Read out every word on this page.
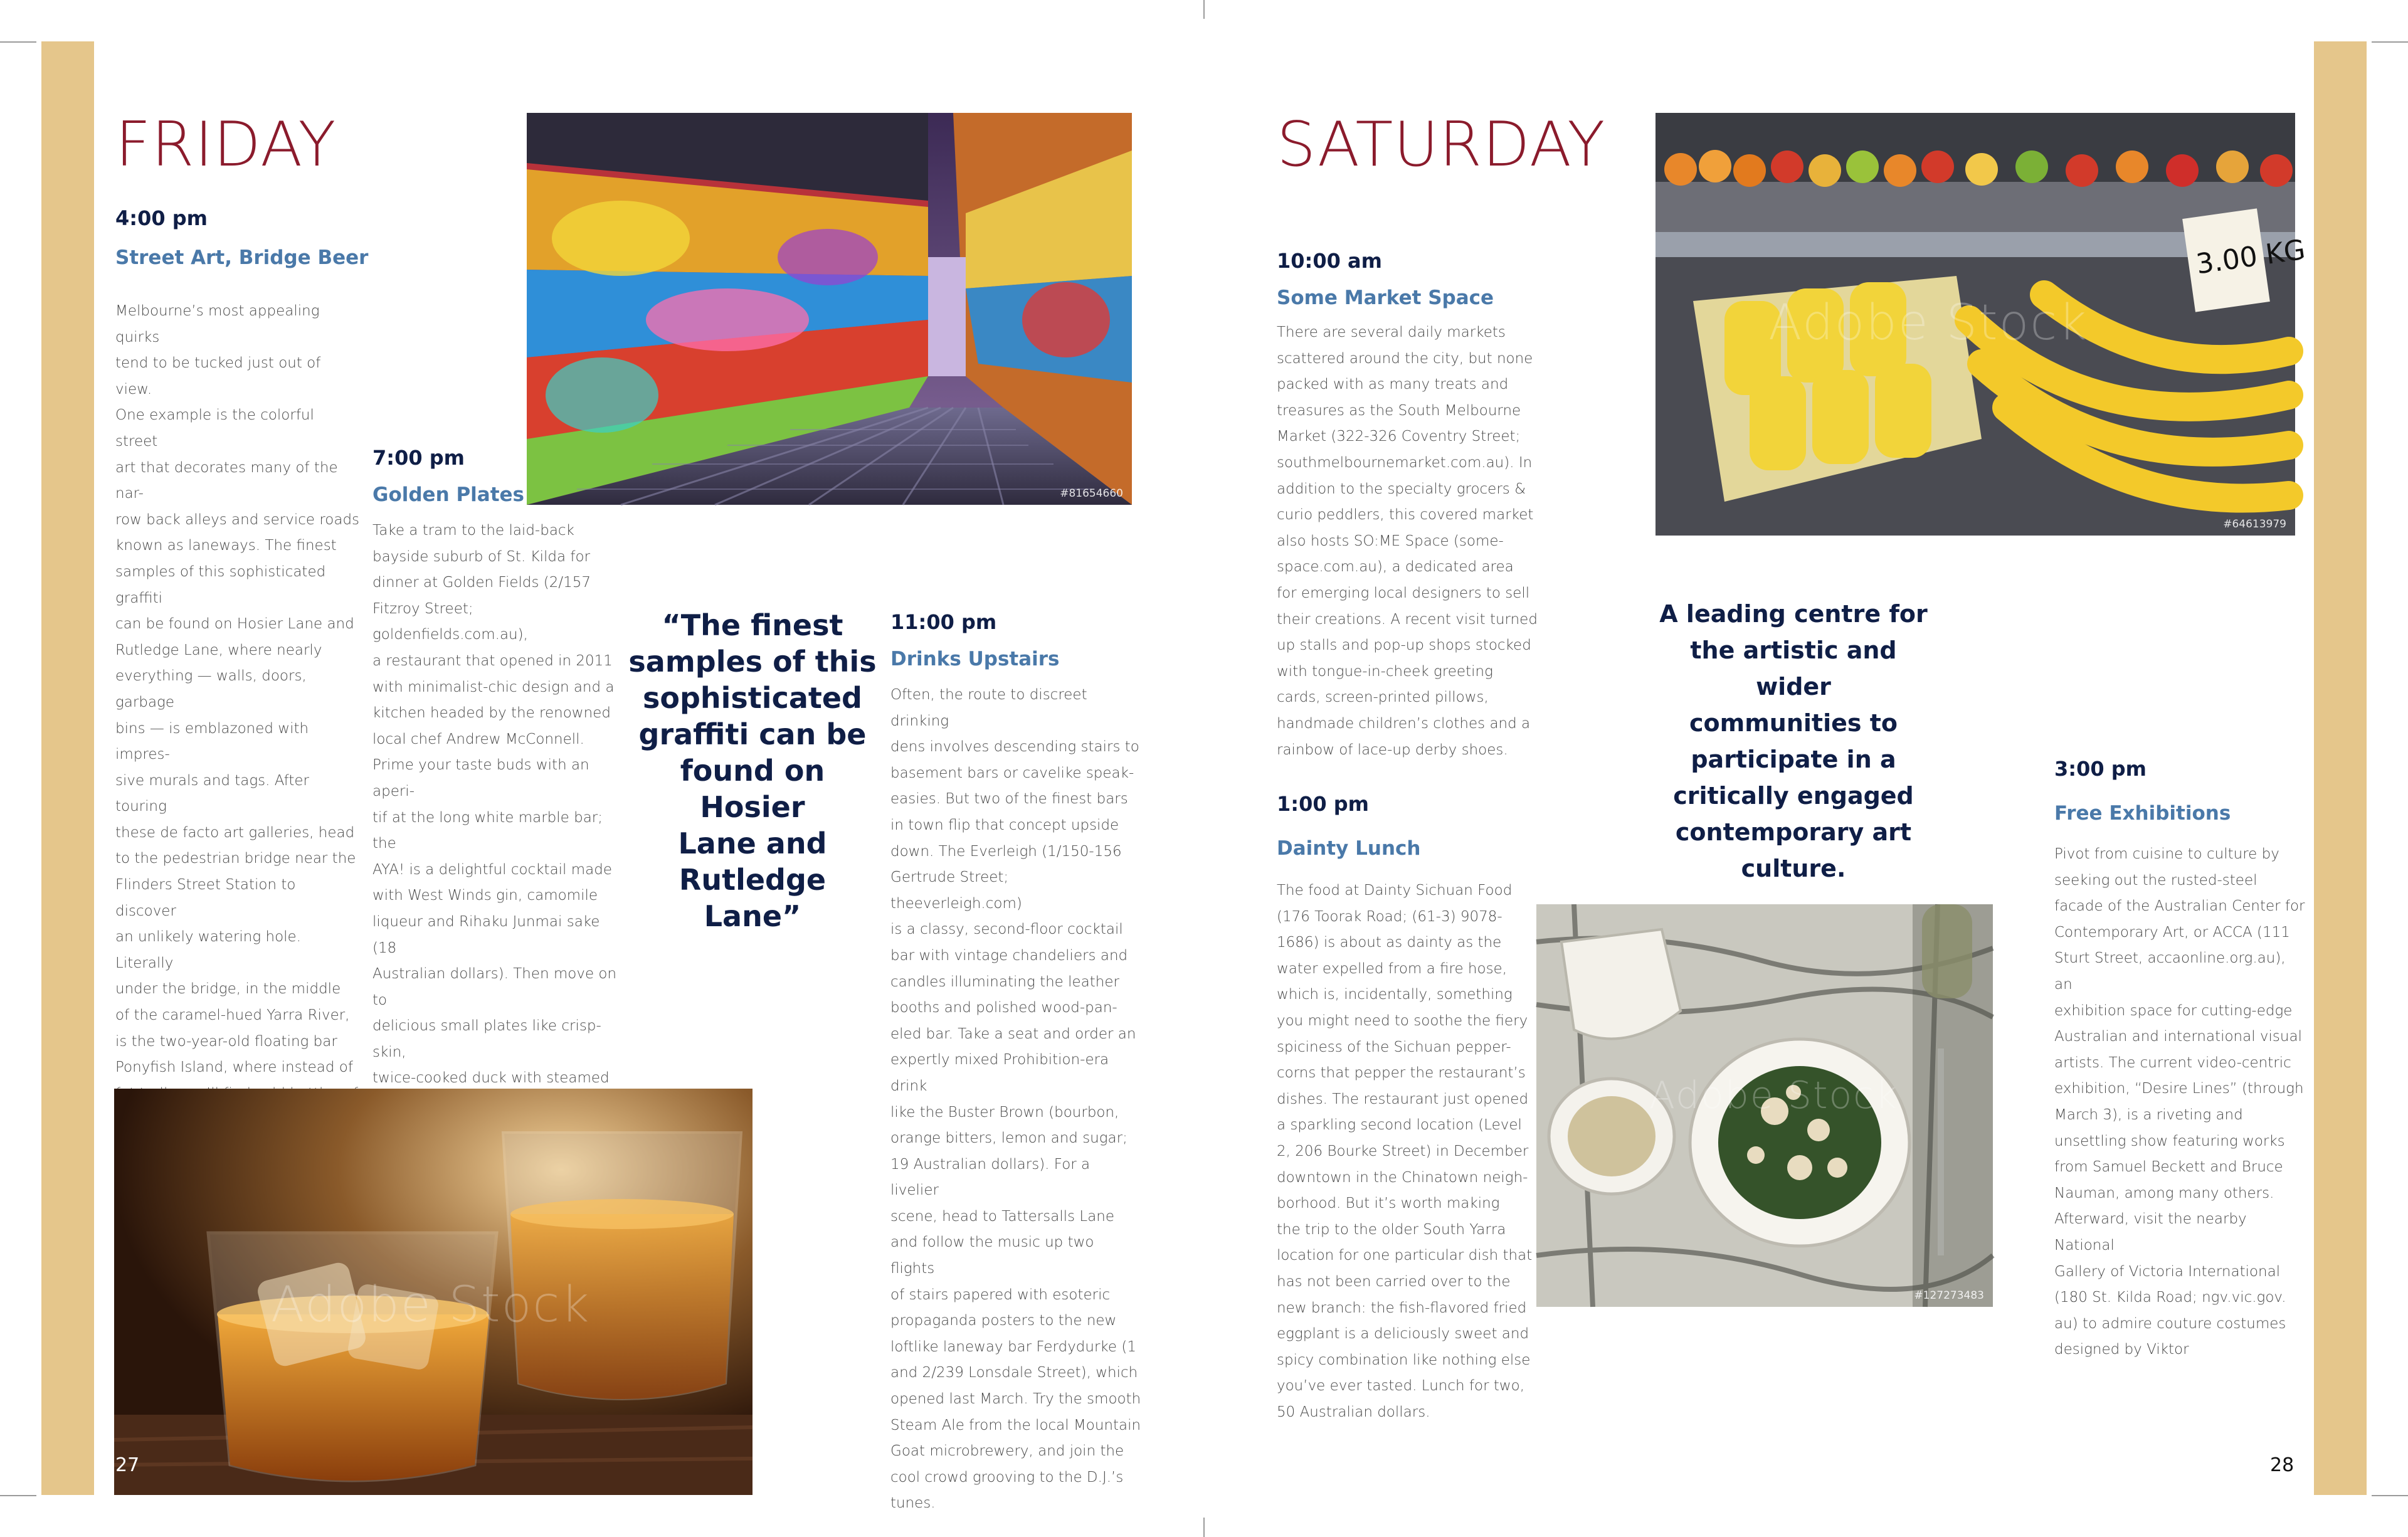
FRIDAY
4:00 pm
Street Art, Bridge Beer
Melbourne’s most appealing quirks
tend to be tucked just out of view.
One example is the colorful street
art that decorates many of the nar-
row back alleys and service roads
known as laneways. The finest
samples of this sophisticated graffiti
can be found on Hosier Lane and
Rutledge Lane, where nearly
everything — walls, doors, garbage
bins — is emblazoned with impres-
sive murals and tags. After touring
these de facto art galleries, head
to the pedestrian bridge near the
Flinders Street Station to discover
an unlikely watering hole. Literally
under the bridge, in the middle
of the caramel-hued Yarra River,
is the two-year-old floating bar
Ponyfish Island, where instead of
#81654660
7:00 pm
Golden Plates
Take a tram to the laid-back
bayside suburb of St. Kilda for
dinner at Golden Fields (2/157
Fitzroy Street; goldenfields.com.au),
a restaurant that opened in 2011
with minimalist-chic design and a
kitchen headed by the renowned
local chef Andrew McConnell.
Prime your taste buds with an aperi-
tif at the long white marble bar; the
AYA! is a delightful cocktail made
with West Winds gin, camomile
liqueur and Rihaku Junmai sake (18
Australian dollars). Then move on to
delicious small plates like crisp-skin,
twice-cooked duck with steamed
“The finest
samples of this
sophisticated
graffiti can be
found on Hosier
Lane and
Rutledge Lane”
11:00 pm
Drinks Upstairs
Often, the route to discreet drinking
dens involves descending stairs to
basement bars or cavelike speak-
easies. But two of the finest bars
in town flip that concept upside
down. The Everleigh (1/150-156
Gertrude Street; theeverleigh.com)
is a classy, second-floor cocktail
bar with vintage chandeliers and
candles illuminating the leather
booths and polished wood-pan-
eled bar. Take a seat and order an
expertly mixed Prohibition-era drink
like the Buster Brown (bourbon,
orange bitters, lemon and sugar;
19 Australian dollars). For a livelier
scene, head to Tattersalls Lane
and follow the music up two flights
of stairs papered with esoteric
propaganda posters to the new
loftlike laneway bar Ferdydurke (1
and 2/239 Lonsdale Street), which
opened last March. Try the smooth
Steam Ale from the local Mountain
Goat microbrewery, and join the
cool crowd grooving to the D.J.’s
tunes.
Adobe Stock
27
SATURDAY
3.00 KG
Adobe Stock
#64613979
10:00 am
Some Market Space
There are several daily markets
scattered around the city, but none
packed with as many treats and
treasures as the South Melbourne
Market (322-326 Coventry Street;
southmelbournemarket.com.au). In
addition to the specialty grocers &
curio peddlers, this covered market
also hosts SO:ME Space (some-
space.com.au), a dedicated area
for emerging local designers to sell
their creations. A recent visit turned
up stalls and pop-up shops stocked
with tongue-in-cheek greeting
cards, screen-printed pillows,
handmade children’s clothes and a
rainbow of lace-up derby shoes.
A leading centre for
the artistic and wider
communities to
participate in a
critically engaged
contemporary art
culture.
1:00 pm
Dainty Lunch
The food at Dainty Sichuan Food
(176 Toorak Road; (61-3) 9078-
1686) is about as dainty as the
water expelled from a fire hose,
which is, incidentally, something
you might need to soothe the fiery
spiciness of the Sichuan pepper-
corns that pepper the restaurant’s
dishes. The restaurant just opened
a sparkling second location (Level
2, 206 Bourke Street) in December
downtown in the Chinatown neigh-
borhood. But it’s worth making
the trip to the older South Yarra
location for one particular dish that
has not been carried over to the
new branch: the fish-flavored fried
eggplant is a deliciously sweet and
spicy combination like nothing else
you’ve ever tasted. Lunch for two,
50 Australian dollars.
Adobe Stock
#127273483
3:00 pm
Free Exhibitions
Pivot from cuisine to culture by
seeking out the rusted-steel
facade of the Australian Center for
Contemporary Art, or ACCA (111
Sturt Street, accaonline.org.au), an
exhibition space for cutting-edge
Australian and international visual
artists. The current video-centric
exhibition, “Desire Lines” (through
March 3), is a riveting and
unsettling show featuring works
from Samuel Beckett and Bruce
Nauman, among many others.
Afterward, visit the nearby National
Gallery of Victoria International
(180 St. Kilda Road; ngv.vic.gov.
au) to admire couture costumes
designed by Viktor
28
